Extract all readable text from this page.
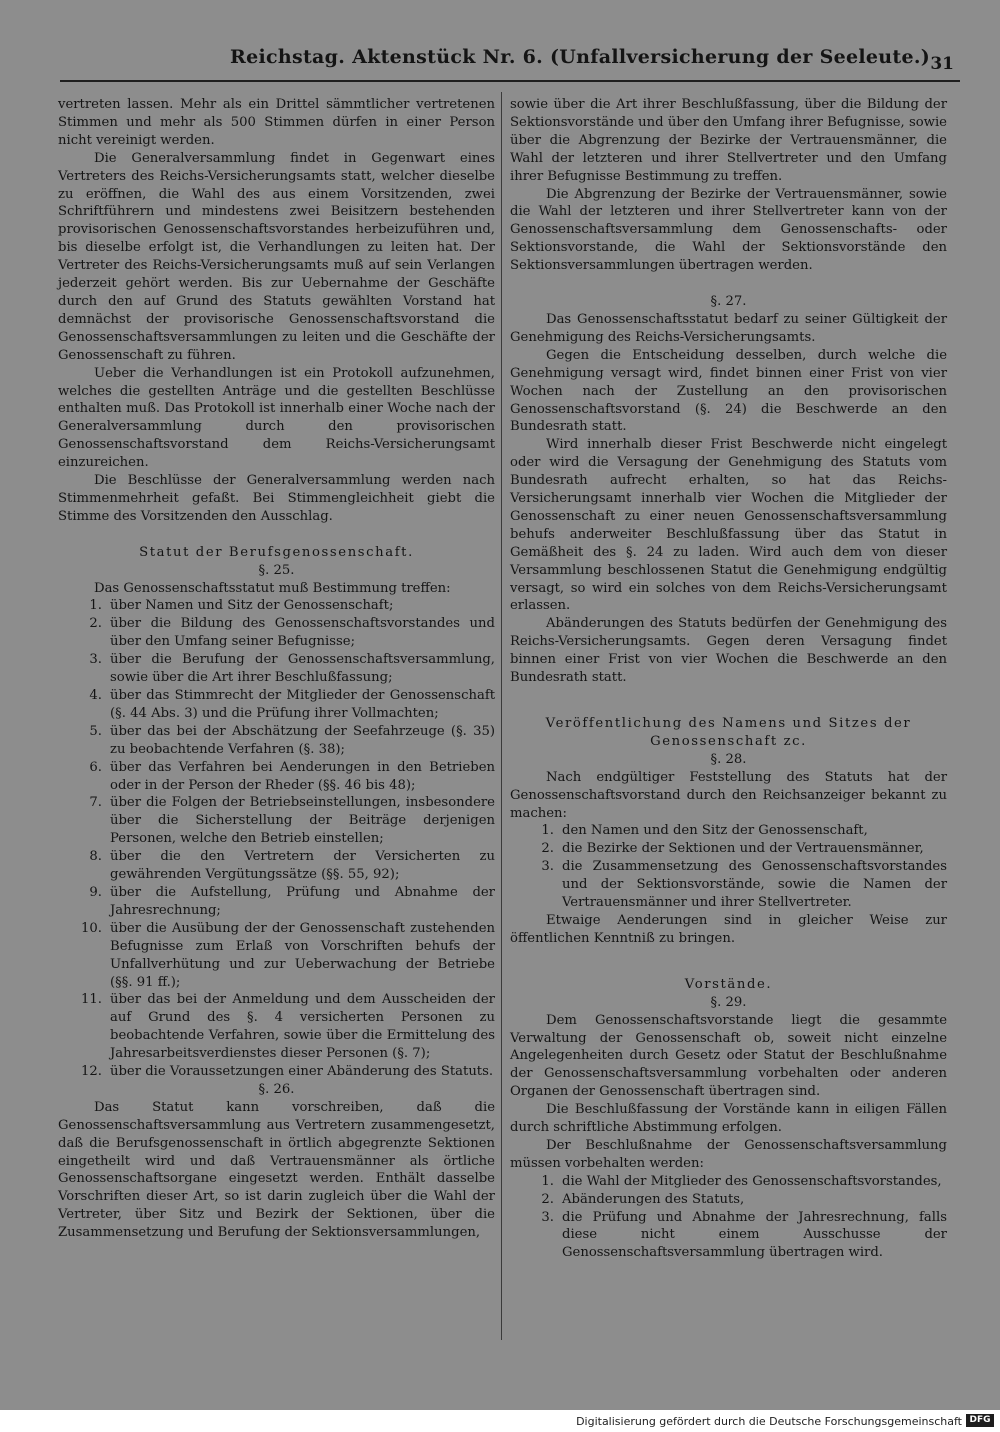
Reichstag. Aktenstück Nr. 6. (Unfallversicherung der Seeleute.) 31

vertreten lassen. Mehr als ein Drittel sämmtlicher vertretenen Stimmen und mehr als 500 Stimmen dürfen in einer Person nicht vereinigt werden.

Die Generalversammlung findet in Gegenwart eines Vertreters des Reichs-Versicherungsamts statt, welcher dieselbe zu eröffnen, die Wahl des aus einem Vorsitzenden, zwei Schriftführern und mindestens zwei Beisitzern bestehenden provisorischen Genossenschaftsvorstandes herbeizuführen und, bis dieselbe erfolgt ist, die Verhandlungen zu leiten hat. Der Vertreter des Reichs-Versicherungsamts muß auf sein Verlangen jederzeit gehört werden. Bis zur Uebernahme der Geschäfte durch den auf Grund des Statuts gewählten Vorstand hat demnächst der provisorische Genossenschaftsvorstand die Genossenschaftsversammlungen zu leiten und die Geschäfte der Genossenschaft zu führen.

Ueber die Verhandlungen ist ein Protokoll aufzunehmen, welches die gestellten Anträge und die gestellten Beschlüsse enthalten muß. Das Protokoll ist innerhalb einer Woche nach der Generalversammlung durch den provisorischen Genossenschaftsvorstand dem Reichs-Versicherungsamt einzureichen.

Die Beschlüsse der Generalversammlung werden nach Stimmenmehrheit gefaßt. Bei Stimmengleichheit giebt die Stimme des Vorsitzenden den Ausschlag.

Statut der Berufsgenossenschaft.

§. 25.

Das Genossenschaftsstatut muß Bestimmung treffen:

1. über Namen und Sitz der Genossenschaft;
2. über die Bildung des Genossenschaftsvorstandes und über den Umfang seiner Befugnisse;
3. über die Berufung der Genossenschaftsversammlung, sowie über die Art ihrer Beschlußfassung;
4. über das Stimmrecht der Mitglieder der Genossenschaft (§. 44 Abs. 3) und die Prüfung ihrer Vollmachten;
5. über das bei der Abschätzung der Seefahrzeuge (§. 35) zu beobachtende Verfahren (§. 38);
6. über das Verfahren bei Aenderungen in den Betrieben oder in der Person der Rheder (§§. 46 bis 48);
7. über die Folgen der Betriebseinstellungen, insbesondere über die Sicherstellung der Beiträge derjenigen Personen, welche den Betrieb einstellen;
8. über die den Vertretern der Versicherten zu gewährenden Vergütungssätze (§§. 55, 92);
9. über die Aufstellung, Prüfung und Abnahme der Jahresrechnung;
10. über die Ausübung der der Genossenschaft zustehenden Befugnisse zum Erlaß von Vorschriften behufs der Unfallverhütung und zur Ueberwachung der Betriebe (§§. 91 ff.);
11. über das bei der Anmeldung und dem Ausscheiden der auf Grund des §. 4 versicherten Personen zu beobachtende Verfahren, sowie über die Ermittelung des Jahresarbeitsverdienstes dieser Personen (§. 7);
12. über die Voraussetzungen einer Abänderung des Statuts.

§. 26.

Das Statut kann vorschreiben, daß die Genossenschaftsversammlung aus Vertretern zusammengesetzt, daß die Berufsgenossenschaft in örtlich abgegrenzte Sektionen eingetheilt wird und daß Vertrauensmänner als örtliche Genossenschaftsorgane eingesetzt werden. Enthält dasselbe Vorschriften dieser Art, so ist darin zugleich über die Wahl der Vertreter, über Sitz und Bezirk der Sektionen, über die Zusammensetzung und Berufung der Sektionsversammlungen,

sowie über die Art ihrer Beschlußfassung, über die Bildung der Sektionsvorstände und über den Umfang ihrer Befugnisse, sowie über die Abgrenzung der Bezirke der Vertrauensmänner, die Wahl der letzteren und ihrer Stellvertreter und den Umfang ihrer Befugnisse Bestimmung zu treffen.

Die Abgrenzung der Bezirke der Vertrauensmänner, sowie die Wahl der letzteren und ihrer Stellvertreter kann von der Genossenschaftsversammlung dem Genossenschafts- oder Sektionsvorstande, die Wahl der Sektionsvorstände den Sektionsversammlungen übertragen werden.

§. 27.

Das Genossenschaftsstatut bedarf zu seiner Gültigkeit der Genehmigung des Reichs-Versicherungsamts.

Gegen die Entscheidung desselben, durch welche die Genehmigung versagt wird, findet binnen einer Frist von vier Wochen nach der Zustellung an den provisorischen Genossenschaftsvorstand (§. 24) die Beschwerde an den Bundesrath statt.

Wird innerhalb dieser Frist Beschwerde nicht eingelegt oder wird die Versagung der Genehmigung des Statuts vom Bundesrath aufrecht erhalten, so hat das Reichs-Versicherungsamt innerhalb vier Wochen die Mitglieder der Genossenschaft zu einer neuen Genossenschaftsversammlung behufs anderweiter Beschlußfassung über das Statut in Gemäßheit des §. 24 zu laden. Wird auch dem von dieser Versammlung beschlossenen Statut die Genehmigung endgültig versagt, so wird ein solches von dem Reichs-Versicherungsamt erlassen.

Abänderungen des Statuts bedürfen der Genehmigung des Reichs-Versicherungsamts. Gegen deren Versagung findet binnen einer Frist von vier Wochen die Beschwerde an den Bundesrath statt.

Veröffentlichung des Namens und Sitzes der Genossenschaft zc.

§. 28.

Nach endgültiger Feststellung des Statuts hat der Genossenschaftsvorstand durch den Reichsanzeiger bekannt zu machen:

1. den Namen und den Sitz der Genossenschaft,
2. die Bezirke der Sektionen und der Vertrauensmänner,
3. die Zusammensetzung des Genossenschaftsvorstandes und der Sektionsvorstände, sowie die Namen der Vertrauensmänner und ihrer Stellvertreter.

Etwaige Aenderungen sind in gleicher Weise zur öffentlichen Kenntniß zu bringen.

Vorstände.

§. 29.

Dem Genossenschaftsvorstande liegt die gesammte Verwaltung der Genossenschaft ob, soweit nicht einzelne Angelegenheiten durch Gesetz oder Statut der Beschlußnahme der Genossenschaftsversammlung vorbehalten oder anderen Organen der Genossenschaft übertragen sind.

Die Beschlußfassung der Vorstände kann in eiligen Fällen durch schriftliche Abstimmung erfolgen.

Der Beschlußnahme der Genossenschaftsversammlung müssen vorbehalten werden:

1. die Wahl der Mitglieder des Genossenschaftsvorstandes,
2. Abänderungen des Statuts,
3. die Prüfung und Abnahme der Jahresrechnung, falls diese nicht einem Ausschusse der Genossenschaftsversammlung übertragen wird.
Digitalisierung gefördert durch die Deutsche Forschungsgemeinschaft DFG
